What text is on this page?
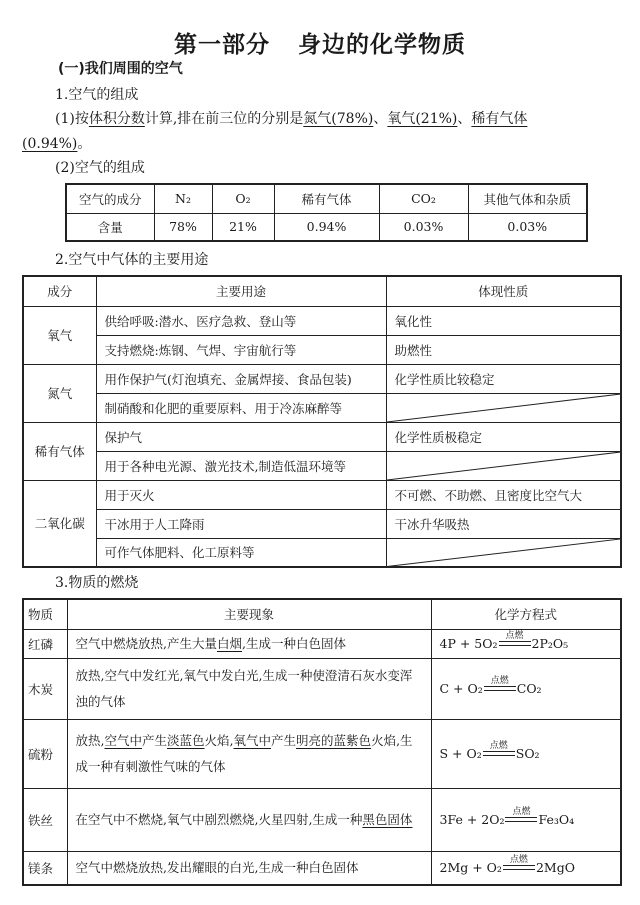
第一部分 身边的化学物质
(一)我们周围的空气
1.空气的组成
(1)按体积分数计算,排在前三位的分别是氮气(78%)、氧气(21%)、稀有气体
(0.94%)。
(2)空气的组成
空气的成分	N₂	O₂	稀有气体	CO₂	其他气体和杂质
含量	78%	21%	0.94%	0.03%	0.03%
2.空气中气体的主要用途
成分	主要用途	体现性质
氧气	供给呼吸:潜水、医疗急救、登山等	氧化性
	支持燃烧:炼钢、气焊、宇宙航行等	助燃性
氮气	用作保护气(灯泡填充、金属焊接、食品包装)	化学性质比较稳定
	制硝酸和化肥的重要原料、用于冷冻麻醉等	

稀有气体	保护气	化学性质极稳定
	用于各种电光源、激光技术,制造低温环境等	

二氧化碳	用于灭火	不可燃、不助燃、且密度比空气大
	干冰用于人工降雨	干冰升华吸热
	可作气体肥料、化工原料等	
3.物质的燃烧
物质	主要现象	化学方程式
红磷	空气中燃烧放热,产生大量白烟,生成一种白色固体	4P + 5O₂ 点燃 2P₂O₅
木炭	放热,空气中发红光,氧气中发白光,生成一种使澄清石灰水变浑浊的气体	C + O₂ 点燃 CO₂
硫粉	放热,空气中产生淡蓝色火焰,氧气中产生明亮的蓝紫色火焰,生成一种有刺激性气味的气体	S + O₂ 点燃 SO₂
铁丝	在空气中不燃烧,氧气中剧烈燃烧,火星四射,生成一种黑色固体	3Fe + 2O₂ 点燃 Fe₃O₄
镁条	空气中燃烧放热,发出耀眼的白光,生成一种白色固体	2Mg + O₂ 点燃 2MgO
